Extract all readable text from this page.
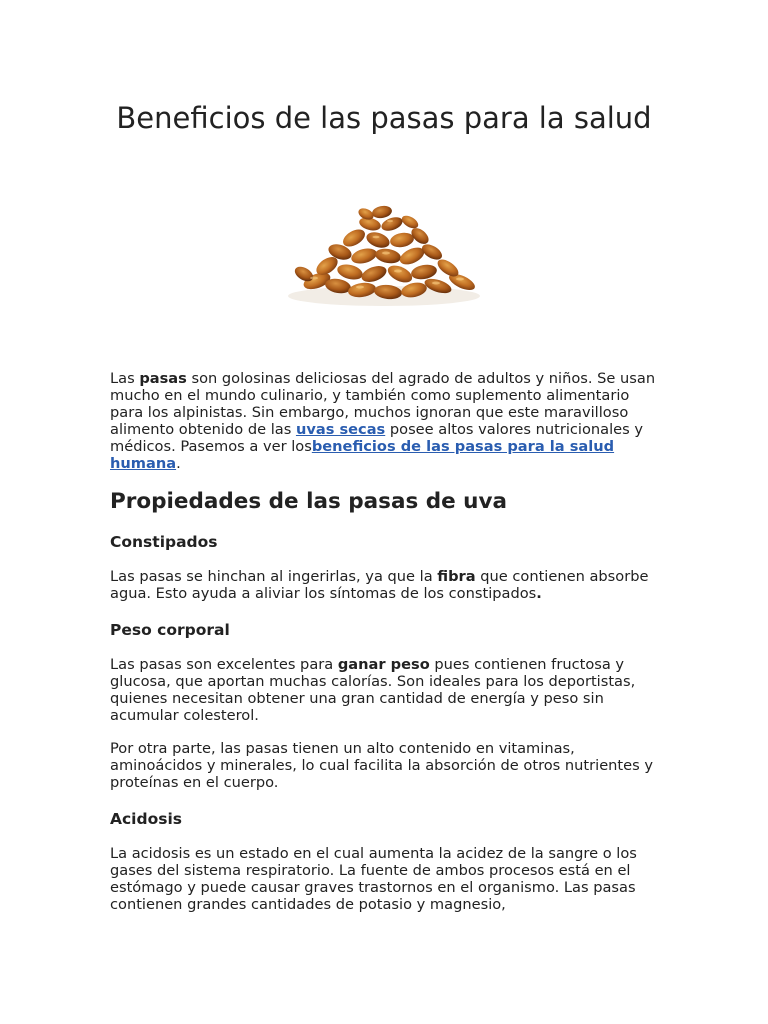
Beneficios de las pasas para la salud

Las pasas son golosinas deliciosas del agrado de adultos y niños. Se usan mucho en el mundo culinario, y también como suplemento alimentario para los alpinistas. Sin embargo, muchos ignoran que este maravilloso alimento obtenido de las uvas secas posee altos valores nutricionales y médicos. Pasemos a ver losbeneficios de las pasas para la salud humana.

Propiedades de las pasas de uva
Constipados

Las pasas se hinchan al ingerirlas, ya que la fibra que contienen absorbe agua. Esto ayuda a aliviar los síntomas de los constipados.

Peso corporal

Las pasas son excelentes para ganar peso pues contienen fructosa y glucosa, que aportan muchas calorías. Son ideales para los deportistas, quienes necesitan obtener una gran cantidad de energía y peso sin acumular colesterol.

Por otra parte, las pasas tienen un alto contenido en vitaminas, aminoácidos y minerales, lo cual facilita la absorción de otros nutrientes y proteínas en el cuerpo.

Acidosis

La acidosis es un estado en el cual aumenta la acidez de la sangre o los gases del sistema respiratorio. La fuente de ambos procesos está en el estómago y puede causar graves trastornos en el organismo. Las pasas contienen grandes cantidades de potasio y magnesio,
